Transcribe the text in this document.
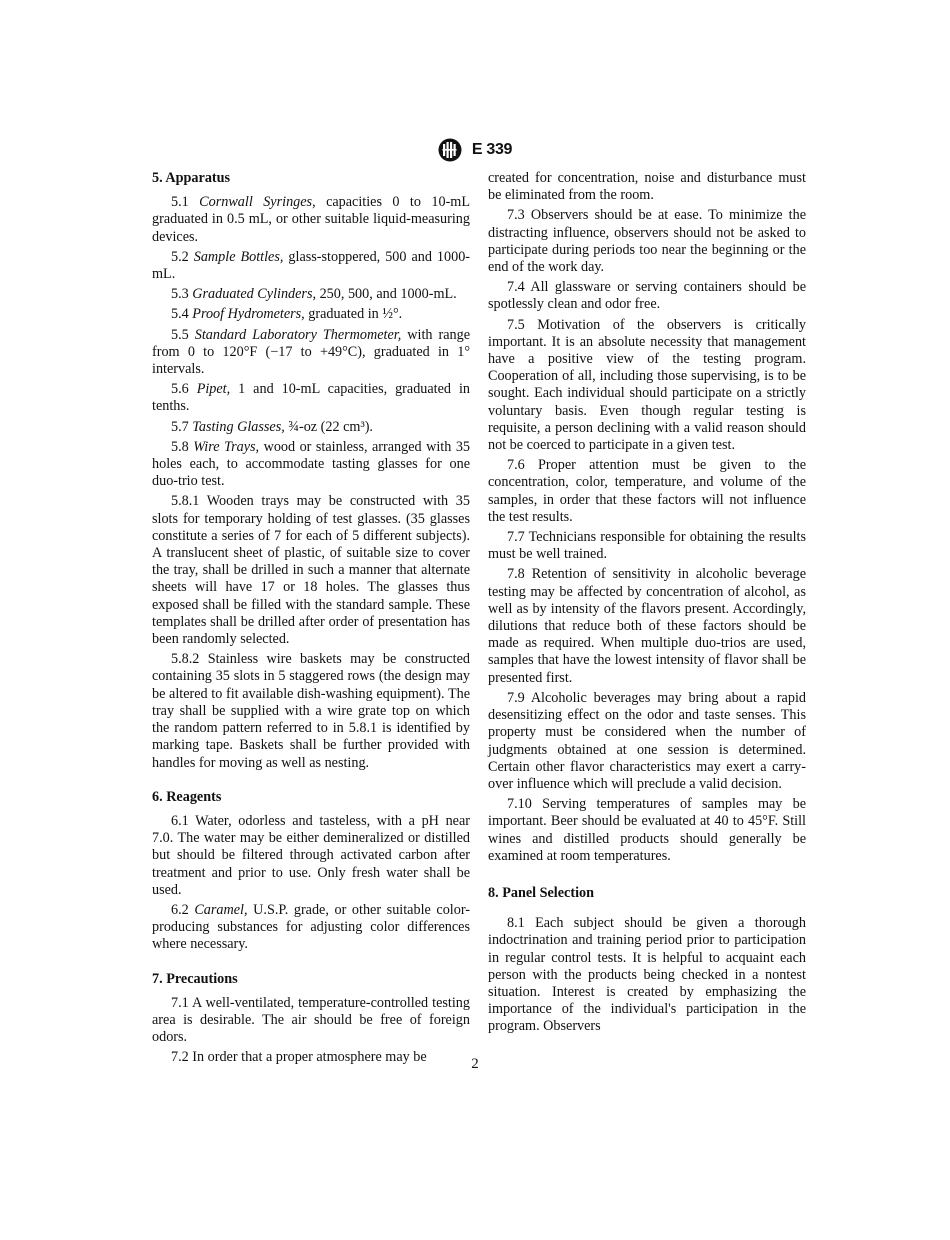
E 339
5. Apparatus

5.1 Cornwall Syringes, capacities 0 to 10-mL graduated in 0.5 mL, or other suitable liquid-measuring devices.

5.2 Sample Bottles, glass-stoppered, 500 and 1000-mL.

5.3 Graduated Cylinders, 250, 500, and 1000-mL.

5.4 Proof Hydrometers, graduated in ½°.

5.5 Standard Laboratory Thermometer, with range from 0 to 120°F (−17 to +49°C), graduated in 1° intervals.

5.6 Pipet, 1 and 10-mL capacities, graduated in tenths.

5.7 Tasting Glasses, ¾-oz (22 cm³).

5.8 Wire Trays, wood or stainless, arranged with 35 holes each, to accommodate tasting glasses for one duo-trio test.

5.8.1 Wooden trays may be constructed with 35 slots for temporary holding of test glasses. (35 glasses constitute a series of 7 for each of 5 different subjects). A translucent sheet of plastic, of suitable size to cover the tray, shall be drilled in such a manner that alternate sheets will have 17 or 18 holes. The glasses thus exposed shall be filled with the standard sample. These templates shall be drilled after order of presentation has been randomly selected.

5.8.2 Stainless wire baskets may be constructed containing 35 slots in 5 staggered rows (the design may be altered to fit available dish-washing equipment). The tray shall be supplied with a wire grate top on which the random pattern referred to in 5.8.1 is identified by marking tape. Baskets shall be further provided with handles for moving as well as nesting.

6. Reagents

6.1 Water, odorless and tasteless, with a pH near 7.0. The water may be either demineralized or distilled but should be filtered through activated carbon after treatment and prior to use. Only fresh water shall be used.

6.2 Caramel, U.S.P. grade, or other suitable color-producing substances for adjusting color differences where necessary.

7. Precautions

7.1 A well-ventilated, temperature-controlled testing area is desirable. The air should be free of foreign odors.

7.2 In order that a proper atmosphere may be

created for concentration, noise and disturbance must be eliminated from the room.

7.3 Observers should be at ease. To minimize the distracting influence, observers should not be asked to participate during periods too near the beginning or the end of the work day.

7.4 All glassware or serving containers should be spotlessly clean and odor free.

7.5 Motivation of the observers is critically important. It is an absolute necessity that management have a positive view of the testing program. Cooperation of all, including those supervising, is to be sought. Each individual should participate on a strictly voluntary basis. Even though regular testing is requisite, a person declining with a valid reason should not be coerced to participate in a given test.

7.6 Proper attention must be given to the concentration, color, temperature, and volume of the samples, in order that these factors will not influence the test results.

7.7 Technicians responsible for obtaining the results must be well trained.

7.8 Retention of sensitivity in alcoholic beverage testing may be affected by concentration of alcohol, as well as by intensity of the flavors present. Accordingly, dilutions that reduce both of these factors should be made as required. When multiple duo-trios are used, samples that have the lowest intensity of flavor shall be presented first.

7.9 Alcoholic beverages may bring about a rapid desensitizing effect on the odor and taste senses. This property must be considered when the number of judgments obtained at one session is determined. Certain other flavor characteristics may exert a carry-over influence which will preclude a valid decision.

7.10 Serving temperatures of samples may be important. Beer should be evaluated at 40 to 45°F. Still wines and distilled products should generally be examined at room temperatures.

8. Panel Selection

8.1 Each subject should be given a thorough indoctrination and training period prior to participation in regular control tests. It is helpful to acquaint each person with the products being checked in a nontest situation. Interest is created by emphasizing the importance of the individual's participation in the program. Observers

2
